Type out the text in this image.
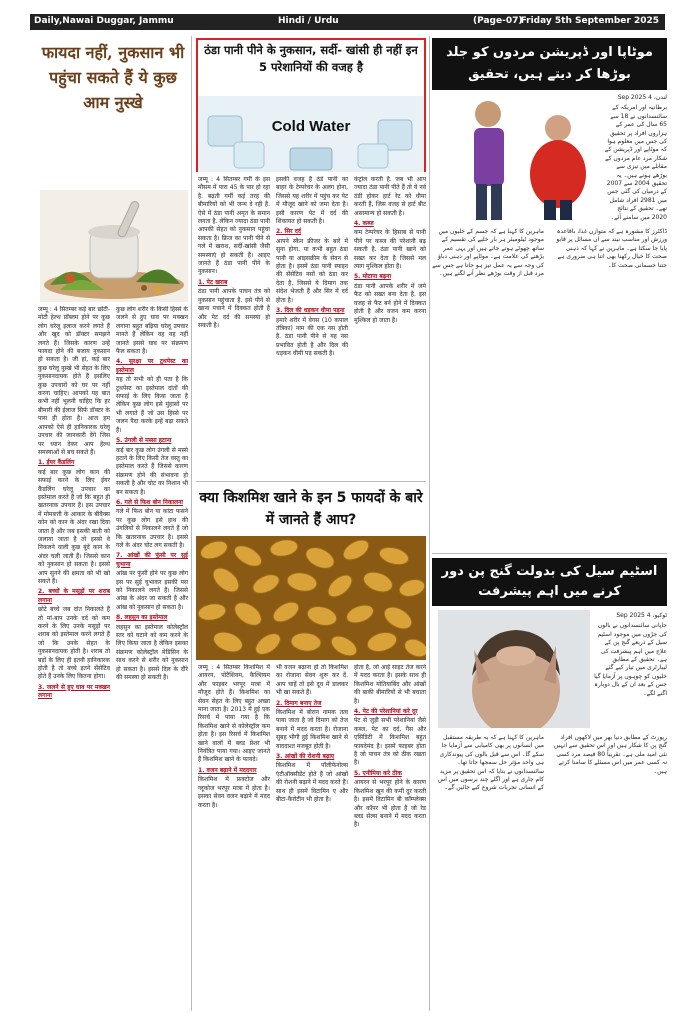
Daily,Nawai Duggar, Jammu	Hindi / Urdu	(Page-07)
Friday 5th September 2025
फायदा नहीं, नुकसान भी पहुंचा सकते हैं ये कुछ आम नुस्खे

जम्मू : 4 सितम्बर कई बार छोटी-मोटी हेल्थ प्रॉब्लम होने पर कुछ लोग घरेलू इलाज करने लगते हैं और खुद को डॉक्टर समझने लगते हैं। जिसके कारण उन्हें फायदा होने की बजाय नुकसान हो सकता है। जी हां, कई बार कुछ घरेलू नुस्खे भी सेहत के लिए नुकसानदायक होते हैं इसलिए कुछ उपचारों को घर पर नहीं करना चाहिए। आपको यह बात कभी नहीं भूलनी चाहिए कि हर बीमारी की ईलाज सिर्फ डॉक्टर के पास ही होता है। आज हम आपको ऐसे ही हानिकारक घरेलू उपचार की जानकारी देंगे जिस पर ध्यान देकर आप हेल्थ समस्याओं से बच सकते हैं।

1. ईयर कैंडलिंग

कई बार कुछ लोग कान की सफाई करने के लिए ईयर कैंडलिंग घरेलू उपचार का इस्तेमाल करते हैं जो कि बहुत ही खतरनाक उपचार है। इस उपचार में मोमबत्ती के आकार के बीवैक्स कोन को कान के अंदर रखा दिया जाता है और जब इसकी बाती को जलाया जाता है तो इससे वे निकलने वाली कुछ बूंदें कान के अंदर चली जाती हैं। जिससे कान को नुकसान हो सकता है। इससे आप सुनने की क्षमता को भी खो सकते हैं।

2. बच्चों के मसूड़ों पर शराब लगाना

छोटे बच्चे जब दांत निकालते हैं तो मां-बाप उनके दर्द को कम करने के लिए उनके मसूड़ों पर शराब को इस्तेमाल करने लगते हैं जो कि उनके सेहत के नुकसानदायक होती है। शराब तो बड़ों के लिए ही इतनी हानिकारक होती है तो बच्चे इतने सेंसेटिव होते हैं उनके लिए कितना होगा।

3. जलने से हुए घाव पर मक्खन लगाना

कुछ लोग शरीर के किसी हिस्से के जलने से हुए घाव पर मक्खन लगाना बहुत बढ़िया घरेलू उपचार मानते हैं लेकिन वह यह नहीं जानते इससे घाव पर संक्रमण फैल सकता है।

4. सुरक्षा पर टूथपेस्ट का इस्तेमाल

यह तो सभी को ही पता है कि टूथपेस्ट का इस्तेमाल दांतों की सफाई के लिए किया जाता है लेकिन कुछ लोग इसे मुंहासों पर भी लगाते हैं जो उस हिस्से पर जलन पैदा करके इन्हें बढ़ा सकते हैं।

5. उंगली से मस्सा हटाना

कई बार कुछ लोग उंगली से मस्से हटाने के लिए किसी तेज वस्तु का इस्तेमाल करते हैं जिससे कारण संक्रमण होने की संभावना हो सकती है और चोट का निशान भी बन सकता है।

6. गले से फिश बोन निकालना

गले में फिश बोन या कांटा फसने पर कुछ लोग इसे हाथ की उंगलियों से निकालने लगते हैं जो कि खतरनाक उपचार है। इससे गले के अंदर चोट लग सकती है।

7. आंखों की फुंसी पर सुई चुभाना

आंख पर फुंसी होने पर कुछ लोग इस पर सुई चुभाकर इसकी पस को निकालने लगते हैं। जिससे आंख के अंदर जा सकती है और आंख को नुकसान हो सकता है।

8. लहसुन का इस्तेमाल

लहसुन का इस्तेमाल कोलेस्ट्रॉल स्तर को घटाने को कम करने के लिए किया जाता है लेकिन इसका संक्रमण कोलेस्ट्रॉल मेडिसिन के साथ करने से शरीर को नुकसान हो सकता है। इससे दिल के दौरे की समस्या हो सकती है।

ठंडा पानी पीने के नुकसान, सर्दी- खांसी ही नहीं इन 5 परेशानियों की वजह है
Cold Water

जम्मू : 4 सितम्बर गर्मी के इस मौसम में पारा 45 के पार हो रहा है. बढ़ती गर्मी कई तरह की बीमारियों को भी जन्म दे रही है. ऐसे में ठंडा पानी अमृत के समान लगता है. लेकिन ज्यादा ठंडा पानी आपकी सेहत को नुकसान पहुंचा सकता है। फ्रिज का पानी पीने से गले में खराश, सर्दी-खांसी जैसी समस्याएं हो सकती हैं। आइए जानते हैं ठंडा पानी पीने के नुकसान।

1. पेट खराब

ठंडा पानी आपके पाचन तंत्र को नुकसान पहुंचाता है. इसे पीने से खाना पचाने में दिक्कत होती है और पेट दर्द की समस्या हो सकती है।

इसकी वजह है ठंडे पानी का बाहर के टेम्परेचर के अलग होना, जिससे यह शरीर में पहुंच कर पेट में मौजूद खाने को जमा देता है। इसी कारण पेट में दर्द की शिकायत हो सकती है।

2. सिर दर्द

आपने स्कैन फ्रीजर के बारे में सुना होगा. या कभी बहुत ठंडा पानी या आइसक्रीम के सेवन से होता है। इसमें ठंडा पानी स्पाइन की सेंसेटिव नसों को ठंडा कर देता है, जिससे ये दिमाग तक संदेश भेजती हैं और सिर में दर्द होता है।

3. दिल की धड़कन धीमा पड़ना

हमारे शरीर में वेगस (10 कपाल तंत्रिका) नाम की एक नस होती है. ठंडा पानी पीने से यह नस प्रभावित होती है और दिल की धड़कन धीमी पड़ सकती है।

कंट्रोल करती है. जब भी आप ज्यादा ठंडा पानी पीते हैं तो ये नर्व ठंडी होकर हार्ट रेट को धीमा करती हैं, जिस वजह से हार्ट बीट असामान्य हो सकती है।

4. कब्ज

कम टेम्परेचर के हिसाब से पानी पीने पर कब्ज की परेशानी बढ़ सकती है. ठंडा पानी खाने को सख्त कर देता है जिससे मल त्याग मुश्किल होता है।

5. मोटापा बढ़ना

ठंडा पानी आपके शरीर में जमे फैट को सख्त बना देता है. इस वजह से फैट बर्न होने में दिक्कत होती है और वजन कम करना मुश्किल हो जाता है।

क्या किशमिश खाने के इन 5 फायदों के बारे में जानते हैं आप?

जम्मू : 4 सितम्बर किशमिश में आयरन, पोटैशियम, कैल्शियम और फाइबर भरपूर मात्रा में मौजूद होते हैं। किशमिश का सेवन सेहत के लिए बहुत अच्छा माना जाता है। 2013 में हुई एक रिसर्च में पाया गया है कि किशमिश खाने से कोलेस्ट्रॉल कम होता है। इस रिसर्च में किशमिश खाने वालों में ब्लड प्रेशर भी नियंत्रित पाया गया। आइए जानते हैं किशमिश खाने के फायदे।

1. वजन बढ़ाने में मददगार

किशमिश में फ्रक्टोज और ग्लूकोज भरपूर मात्रा में होता है। इसका सेवन वजन बढ़ाने में मदद करता है।

भी वजन बढ़ाना हो तो किशमिश का रोजाना सेवन शुरू कर दें. आप चाहें तो इसे दूध में डालकर भी खा सकते हैं।

2. दिमाग बनाए तेज

किशमिश में बोरान नामक तत्व पाया जाता है जो दिमाग को तेज बनाने में मदद करता है। रोजाना सुबह भीगी हुई किशमिश खाने से याददाश्त मजबूत होती है।

3. आंखों की रोशनी बढ़ाए

किशमिश में पॉलीफेनोल्स एंटीऑक्सीडेंट होते हैं जो आंखों की रोशनी बढ़ाने में मदद करते हैं। साथ ही इसमें विटामिन ए और बीटा-कैरोटीन भी होता है।

होता है, जो आई साइट तेज करने में मदद करता है। इसके साथ ही किशमिश मोतियाबिंद और आंखों की बाकी बीमारियों से भी बचाता है।

4. पेट की परेशानियां करे दूर

पेट से जुड़ी सभी परेशानियां जैसे कब्ज, पेट का दर्द, गैस और एसिडिटी में किशमिश बहुत फायदेमंद है। इसमें फाइबर होता है जो पाचन तंत्र को ठीक रखता है।

5. एनीमिया करे ठीक

आयरन से भरपूर होने के कारण किशमिश खून की कमी दूर करती है। इसमें विटामिन बी कॉम्प्लेक्स और कॉपर भी होता है जो रेड ब्लड सेल्स बनाने में मदद करता है।

موٹاپا اور ڈپریشن مردوں کو جلد بوڑھا کر دیتے ہیں، تحقیق

لندن، 4 Sep 2025

برطانیہ اور امریکہ کے سائنسدانوں نے 18 سے 65 سال کی عمر کے ہزاروں افراد پر تحقیق کی جس میں معلوم ہوا کہ موٹاپے اور ڈپریشن کے شکار مرد عام مردوں کے مقابلے میں تیزی سے بوڑھے ہوتے ہیں۔ یہ تحقیق 2004 سے 2007 کے درمیان کی گئی جس میں 2981 افراد شامل تھے۔ تحقیق کے نتائج 2020 میں سامنے آئے۔

ڈاکٹرز کا مشورہ ہے کہ متوازن غذا، باقاعدہ ورزش اور مناسب نیند سے ان مسائل پر قابو پایا جا سکتا ہے۔ ماہرین نے کہا کہ ذہنی صحت کا خیال رکھنا بھی اتنا ہی ضروری ہے جتنا جسمانی صحت کا۔

ماہرین کا کہنا ہے کہ جسم کے خلیوں میں موجود ٹیلومیئر ہر بار خلیے کی تقسیم کے ساتھ چھوٹے ہوتے جاتے ہیں اور یہی عمر بڑھنے کی علامت ہے۔ موٹاپے اور ذہنی دباؤ کی وجہ سے یہ عمل تیز ہو جاتا ہے جس سے مرد قبل از وقت بوڑھے نظر آنے لگتے ہیں۔

اسٹیم سیل کی بدولت گنج پن دور کرنے میں اہم پیشرفت

ٹوکیو، 4 Sep 2025

جاپانی سائنسدانوں نے بالوں کی جڑوں میں موجود اسٹیم سیل کے ذریعے گنج پن کے علاج میں اہم پیشرفت کی ہے۔ تحقیق کے مطابق لیبارٹری میں تیار کیے گئے خلیوں کو چوہوں پر آزمایا گیا جس کے بعد ان کے بال دوبارہ اگنے لگے۔

ماہرین کا کہنا ہے کہ یہ طریقہ مستقبل میں انسانوں پر بھی کامیابی سے آزمایا جا سکے گا۔ اس سے قبل بالوں کی پیوندکاری ہی واحد مؤثر حل سمجھا جاتا تھا۔ سائنسدانوں نے بتایا کہ اس تحقیق پر مزید کام جاری ہے اور اگلے چند برسوں میں اس کے انسانی تجربات شروع کیے جائیں گے۔

رپورٹ کے مطابق دنیا بھر میں لاکھوں افراد گنج پن کا شکار ہیں اور اس تحقیق سے انہیں نئی امید ملی ہے۔ تقریباً 80 فیصد مرد کسی نہ کسی عمر میں اس مسئلے کا سامنا کرتے ہیں۔
